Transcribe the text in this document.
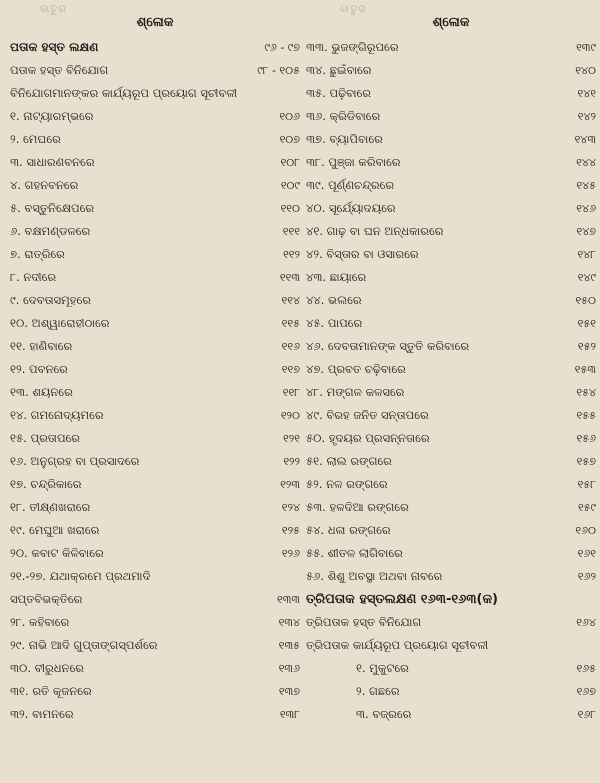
ଜାତୁର	ଜାତୁର
ଶ୍ଳୋକ
ପତାକ ହସ୍ତ ଲକ୍ଷଣ	୯୬ - ୯୭
ପତାକ ହସ୍ତ ବିନିଯୋଗ	୯୮ - ୧୦୫
ବିନିଯୋଗମାନଙ୍କର କାର୍ଯ୍ୟରୂପ ପ୍ରୟୋଗ ସୂଚୀବଳୀ
୧. ନାଟ୍ୟାରମ୍ଭରେ	୧୦୬
୨. ମେଘରେ	୧୦୭
୩. ସାଧାରଣବନରେ	୧୦୮
୪. ଗହନବନରେ	୧୦୯
୫. ବସ୍ତୁନିକ୍ଷେପରେ	୧୧୦
୬. ବକ୍ଷମଣ୍ଡଳରେ	୧୧୧
୭. ରାତ୍ରିରେ	୧୧୨
୮. ନଦୀରେ	୧୧୩
୯. ଦେବତାସମୂହରେ	୧୧୪
୧୦. ଅଶ୍ୱାରୋହୀଠାରେ	୧୧୫
୧୧. ହାଣିବାରେ	୧୧୬
୧୨. ପବନରେ	୧୧୭
୧୩. ଶୟନରେ	୧୧୮
୧୪. ଗମନୋଦ୍ୟମରେ	୧୨୦
୧୫. ପ୍ରତାପରେ	୧୨୧
୧୬. ଅନୁଗ୍ରହ ବା ପ୍ରସାଦରେ	୧୨୨
୧୭. ଚନ୍ଦ୍ରିକାରେ	୧୨୩
୧୮. ତୀକ୍ଷ୍ଣଖରାରେ	୧୨୪
୧୯. ମେଘୁଆ ଖରାରେ	୧୨୫
୨୦. କବାଟ କିଳିବାରେ	୧୨୬
୨୧.-୨୭. ଯଥାକ୍ରମେ ପ୍ରଥମାଦି
ସପ୍ତବିଭକ୍ତିରେ	୧୩୩
୨୮. କହିବାରେ	୧୩୪
୨୯. ନାଭି ଆଦି ଗୁପ୍ତାଙ୍ଗସ୍ପର୍ଶରେ	୧୩୫
୩୦. ବୀରୁଧନରେ	୧୩୬
୩୧. ରତି କୂଜନରେ	୧୩୭
୩୨. ବାମନରେ	୧୩୮
ଶ୍ଳୋକ
୩୩. ଭୁଜଙ୍ଗିରୂପରେ	୧୩୯
୩୪. ଛୁଇଁବାରେ	୧୪୦
୩୫. ପଢ଼ିବାରେ	୧୪୧
୩୬. କ୍ରିଡିବାରେ	୧୪୨
୩୭. ବ୍ୟାପିବାରେ	୧୪୩
୩୮. ପୁଞ୍ଜା କରିବାରେ	୧୪୪
୩୯. ପୂର୍ଣ୍ଣଚନ୍ଦ୍ରରେ	୧୪୫
୪୦. ସୂର୍ଯ୍ୟୋଦୟରେ	୧୪୬
୪୧. ଗାଢ଼ ବା ଘନ ଅନ୍ଧକାରରେ	୧୪୭
୪୨. ବିସ୍ତାର ବା ଓସାରରେ	୧୪୮
୪୩. ଛାୟାରେ	୧୪୯
୪୪. ଭଲରେ	୧୫୦
୪୫. ପାପରେ	୧୫୧
୪୬. ଦେବତାମାନଙ୍କ ସ୍ତୁତି କରିବାରେ	୧୫୨
୪୭. ପ୍ରବତ ଚଢ଼ିବାରେ	୧୫୩
୪୮. ମଙ୍ଗଳ କଳସରେ	୧୫୪
୪୯. ବିରହ ଜନିତ ସନ୍ତାପରେ	୧୫୫
୫୦. ହୃଦୟର ପ୍ରସନ୍ନତାରେ	୧୫୬
୫୧. ଲାଲ ରଙ୍ଗରେ	୧୫୭
୫୨. ନଳ ରଙ୍ଗରେ	୧୫୮
୫୩. ହଳଦିଆ ରଙ୍ଗରେ	୧୫୯
୫୪. ଧଳା ରଙ୍ଗରେ	୧୬୦
୫୫. ଶୀତଳ ଲାଗିବାରେ	୧୬୧
୫୬. ଶିଶୁ ଅବସ୍ଥା ଅଥବା ନାବରେ	୧୬୨
ତ୍ରିପତାକ ହସ୍ତଲକ୍ଷଣ ୧୬୩-୧୬୩(କ)
ତ୍ରିପତାକ ହସ୍ତ ବିନିଯୋଗ	୧୬୪
ତ୍ରିପତାକ କାର୍ଯ୍ୟରୂପ ପ୍ରୟୋଗ ସୂଚୀବଳୀ
୧. ମୁକୁଟରେ	୧୬୫
୨. ଗଛରେ	୧୬୭
୩. ବଜ୍ରରେ	୧୬୮
